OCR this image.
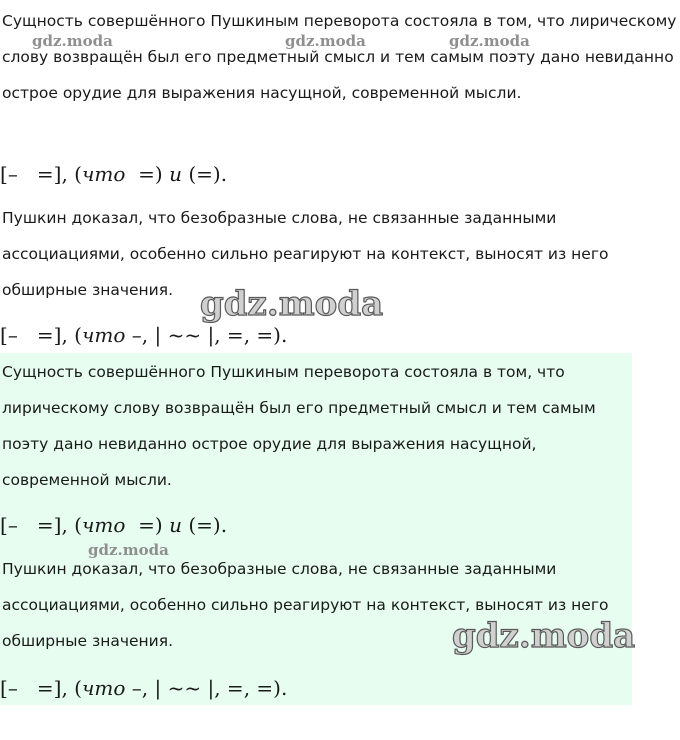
Сущность совершённого Пушкиным переворота состояла в том, что лирическому слову возвращён был его предметный смысл и тем самым поэту дано невиданно острое орудие для выражения насущной, современной мысли.

[– =], (что =) и (=).

Пушкин доказал, что безобразные слова, не связанные заданными ассоциациями, особенно сильно реагируют на контекст, выносят из него обширные значения.

[– =], (что –, | ~~ |, =, =).

Сущность совершённого Пушкиным переворота состояла в том, что лирическому слову возвращён был его предметный смысл и тем самым поэту дано невиданно острое орудие для выражения насущной, современной мысли.

[– =], (что =) и (=).

Пушкин доказал, что безобразные слова, не связанные заданными ассоциациями, особенно сильно реагируют на контекст, выносят из него обширные значения.

[– =], (что –, | ~~ |, =, =).
gdz.moda	gdz.moda	gdz.moda
gdz.moda
gdz.moda
gdz.moda
